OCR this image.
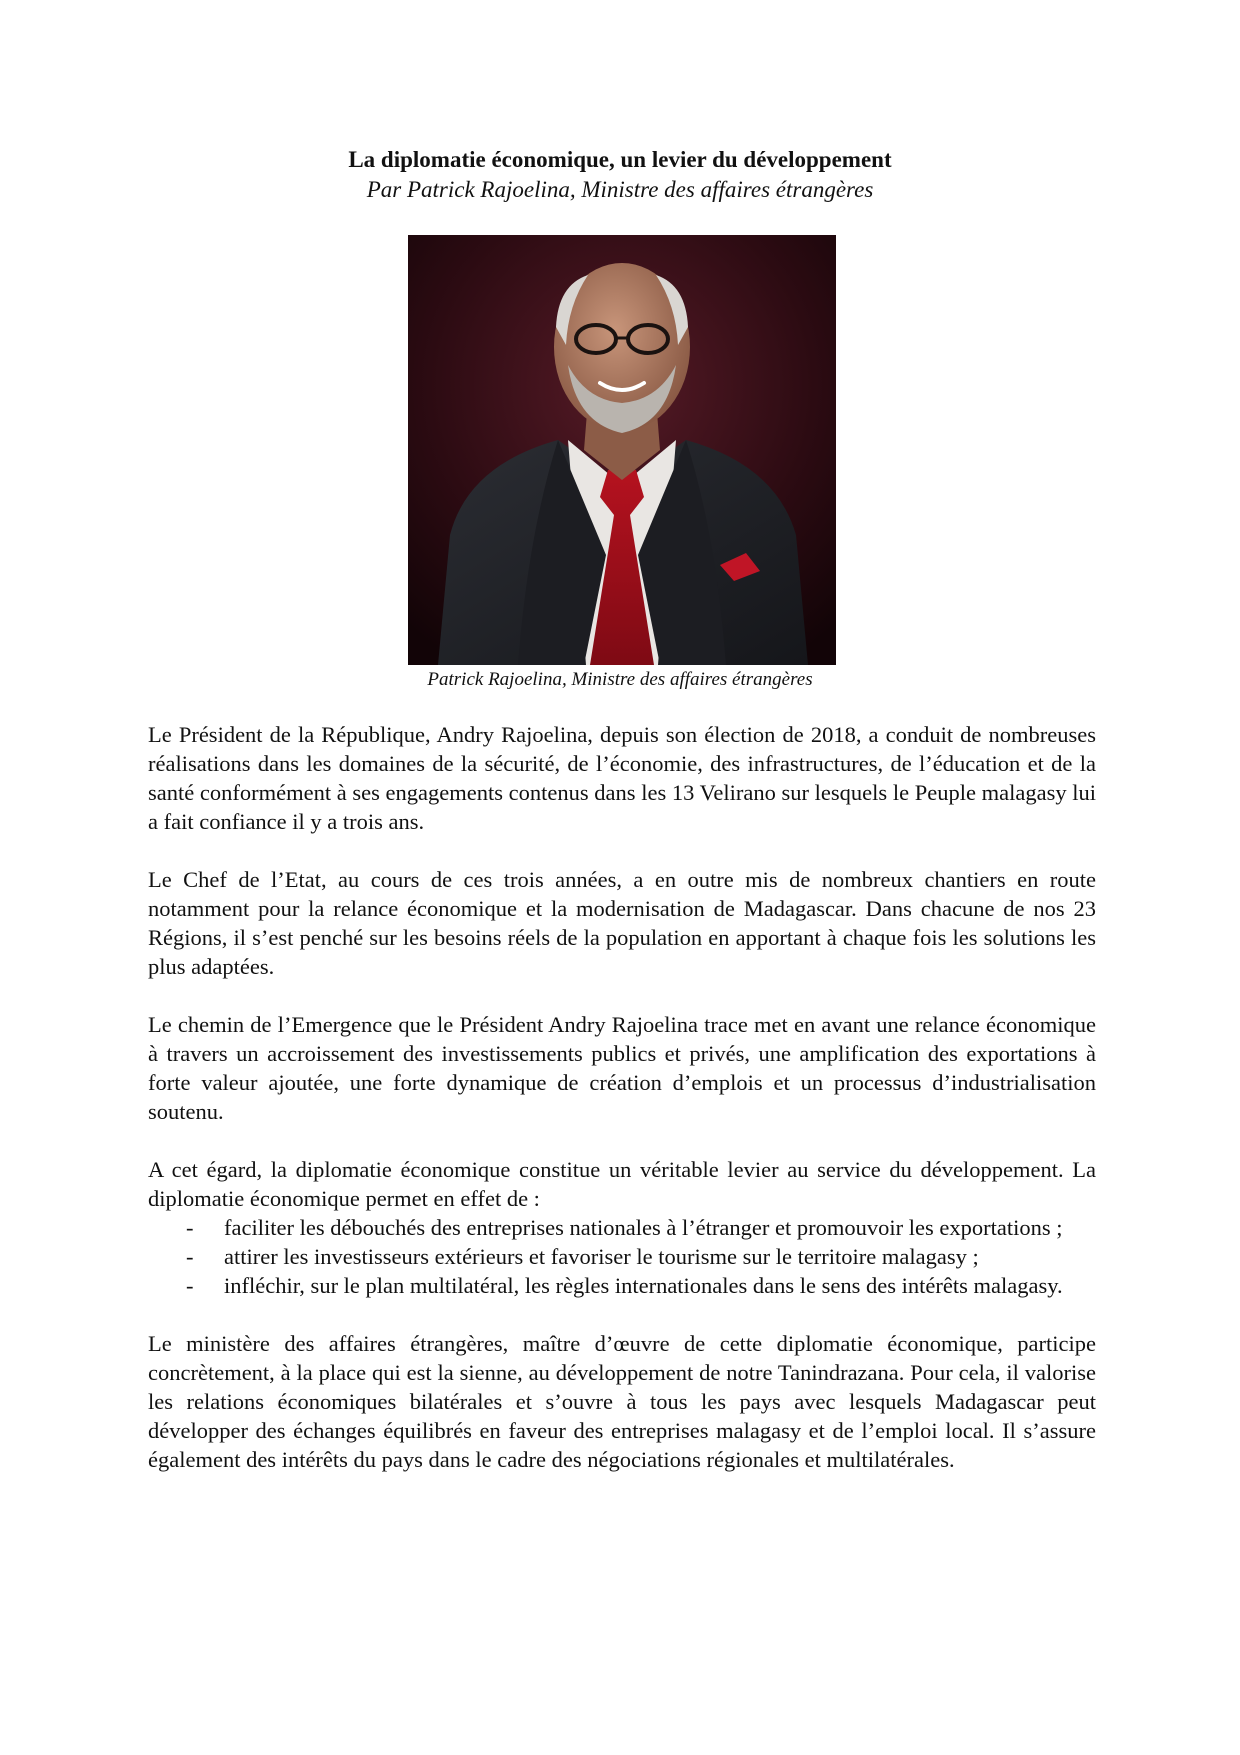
La diplomatie économique, un levier du développement
Par Patrick Rajoelina, Ministre des affaires étrangères
Patrick Rajoelina, Ministre des affaires étrangères

Le Président de la République, Andry Rajoelina, depuis son élection de 2018, a conduit de nombreuses réalisations dans les domaines de la sécurité, de l’économie, des infrastructures, de l’éducation et de la santé conformément à ses engagements contenus dans les 13 Velirano sur lesquels le Peuple malagasy lui a fait confiance il y a trois ans.

Le Chef de l’Etat, au cours de ces trois années, a en outre mis de nombreux chantiers en route notamment pour la relance économique et la modernisation de Madagascar. Dans chacune de nos 23 Régions, il s’est penché sur les besoins réels de la population en apportant à chaque fois les solutions les plus adaptées.

Le chemin de l’Emergence que le Président Andry Rajoelina trace met en avant une relance économique à travers un accroissement des investissements publics et privés, une amplification des exportations à forte valeur ajoutée, une forte dynamique de création d’emplois et un processus d’industrialisation soutenu.

A cet égard, la diplomatie économique constitue un véritable levier au service du développement. La diplomatie économique permet en effet de :

- faciliter les débouchés des entreprises nationales à l’étranger et promouvoir les exportations ;
- attirer les investisseurs extérieurs et favoriser le tourisme sur le territoire malagasy ;
- infléchir, sur le plan multilatéral, les règles internationales dans le sens des intérêts malagasy.

Le ministère des affaires étrangères, maître d’œuvre de cette diplomatie économique, participe concrètement, à la place qui est la sienne, au développement de notre Tanindrazana. Pour cela, il valorise les relations économiques bilatérales et s’ouvre à tous les pays avec lesquels Madagascar peut développer des échanges équilibrés en faveur des entreprises malagasy et de l’emploi local. Il s’assure également des intérêts du pays dans le cadre des négociations régionales et multilatérales.
